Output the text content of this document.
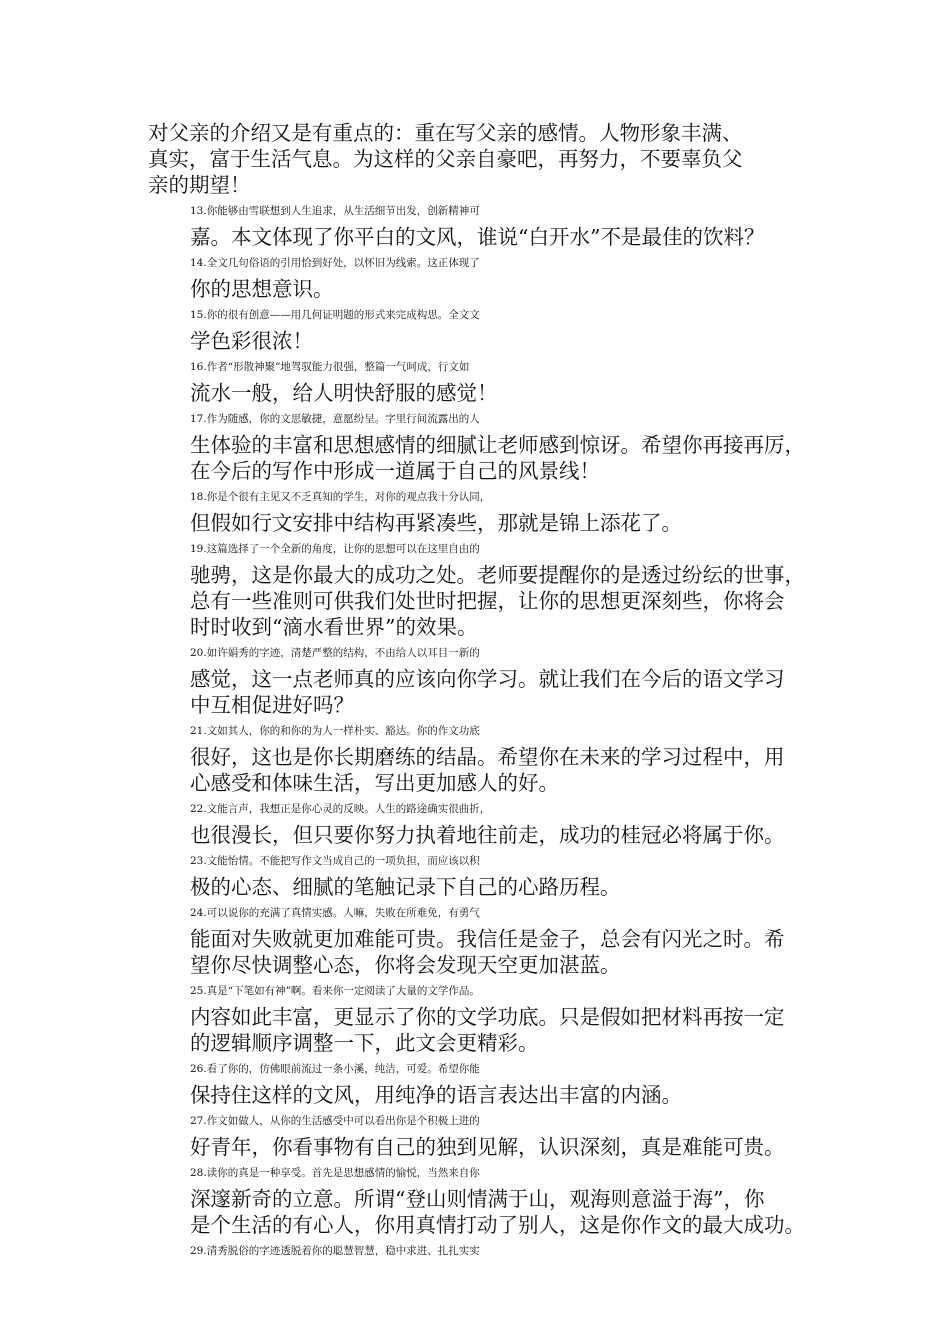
对父亲的介绍又是有重点的：重在写父亲的感情。人物形象丰满、
真实，富于生活气息。为这样的父亲自豪吧，再努力，不要辜负父
亲的期望！
13.你能够由雪联想到人生追求，从生活细节出发，创新精神可
嘉。本文体现了你平白的文风，谁说“白开水”不是最佳的饮料？
14.全文几句俗语的引用恰到好处，以怀旧为线索。这正体现了
你的思想意识。
15.你的很有创意——用几何证明题的形式来完成构思。全文文
学色彩很浓！
16.作者“形散神聚”地驾驭能力很强，整篇一气呵成，行文如
流水一般，给人明快舒服的感觉！
17.作为随感，你的文思敏捷，意愿纷呈。字里行间流露出的人
生体验的丰富和思想感情的细腻让老师感到惊讶。希望你再接再厉，
在今后的写作中形成一道属于自己的风景线！
18.你是个很有主见又不乏真知的学生，对你的观点我十分认同，
但假如行文安排中结构再紧凑些，那就是锦上添花了。
19.这篇选择了一个全新的角度，让你的思想可以在这里自由的
驰骋，这是你最大的成功之处。老师要提醒你的是透过纷纭的世事，
总有一些准则可供我们处世时把握，让你的思想更深刻些，你将会
时时收到“滴水看世界”的效果。
20.如许娟秀的字迹，清楚严整的结构，不由给人以耳目一新的
感觉，这一点老师真的应该向你学习。就让我们在今后的语文学习
中互相促进好吗？
21.文如其人，你的和你的为人一样朴实、豁达。你的作文功底
很好，这也是你长期磨练的结晶。希望你在未来的学习过程中，用
心感受和体味生活，写出更加感人的好。
22.文能言声，我想正是你心灵的反映。人生的路途确实很曲折，
也很漫长，但只要你努力执着地往前走，成功的桂冠必将属于你。
23.文能怡情。不能把写作文当成自己的一项负担，而应该以积
极的心态、细腻的笔触记录下自己的心路历程。
24.可以说你的充满了真情实感。人嘛，失败在所难免，有勇气
能面对失败就更加难能可贵。我信任是金子，总会有闪光之时。希
望你尽快调整心态，你将会发现天空更加湛蓝。
25.真是“下笔如有神”啊。看来你一定阅读了大量的文学作品。
内容如此丰富，更显示了你的文学功底。只是假如把材料再按一定
的逻辑顺序调整一下，此文会更精彩。
26.看了你的，仿佛眼前流过一条小溪，纯洁，可爱。希望你能
保持住这样的文风，用纯净的语言表达出丰富的内涵。
27.作文如做人，从你的生活感受中可以看出你是个积极上进的
好青年，你看事物有自己的独到见解，认识深刻，真是难能可贵。
28.读你的真是一种享受。首先是思想感情的愉悦，当然来自你
深邃新奇的立意。所谓“登山则情满于山，观海则意溢于海”，你
是个生活的有心人，你用真情打动了别人，这是你作文的最大成功。
29.清秀脱俗的字迹透脱着你的聪慧智慧，稳中求进、扎扎实实
